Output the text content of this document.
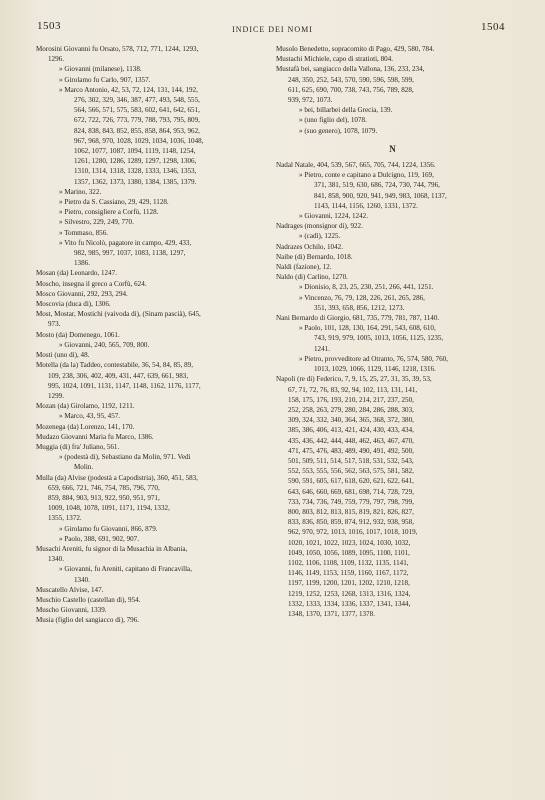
1503	INDICE DEI NOMI	1504
Morosini Giovanni fu Orsato, 578, 712, 771, 1244, 1293,
1296.
» Giovanni (milanese), 1138.
» Girolamo fu Carlo, 907, 1357.
» Marco Antonio, 42, 53, 72, 124, 131, 144, 192,
276, 302, 329, 346, 387, 477, 493, 548, 555,
564, 566, 571, 575, 583, 602, 641, 642, 651,
672, 722, 726, 773, 779, 788, 793, 795, 809,
824, 838, 843, 852, 855, 858, 864, 953, 962,
967, 968, 970, 1028, 1029, 1034, 1036, 1048,
1062, 1077, 1087, 1094, 1119, 1148, 1254,
1261, 1280, 1286, 1289, 1297, 1298, 1306,
1310, 1314, 1318, 1328, 1333, 1346, 1353,
1357, 1362, 1373, 1380, 1384, 1385, 1379.
» Marino, 322.
» Pietro da S. Cassiano, 29, 429, 1128.
» Pietro, consigliere a Corfù, 1128.
» Silvestro, 229, 249, 770.
» Tommaso, 856.
» Vito fu Nicolò, pagatore in campo, 429, 433,
982, 985, 997, 1037, 1083, 1138, 1297,
1386.
Mosan (da) Leonardo, 1247.
Moscho, insegna il greco a Corfù, 624.
Mosco Giovanni, 292, 293, 294.
Moscovia (duca di), 1306.
Most, Mostar, Mostichi (vaivoda di), (Sinam pascià), 645,
973.
Mosto (da) Domenego, 1061.
» Giovanni, 240, 565, 709, 800.
Mosti (uno di), 48.
Motella (da la) Taddeo, contestabile, 36, 54, 84, 85, 89,
109, 238, 306, 402, 409, 431, 447, 639, 661, 983,
995, 1024, 1091, 1131, 1147, 1148, 1162, 1176, 1177,
1299.
Mozan (da) Girolamo, 1192, 1211.
» Marco, 43, 95, 457.
Mozenega (da) Lorenzo, 141, 170.
Mudazo Giovanni Maria fu Marco, 1386.
Muggia (di) fra' Juliano, 561.
» (podestà di), Sebastiano da Molin, 971. Vedi
Molin.
Mulla (da) Alvise (podestà a Capodistria), 360, 451, 583,
659, 666, 721, 746, 754, 785, 796, 770,
859, 884, 903, 913, 922, 950, 951, 971,
1009, 1048, 1078, 1091, 1171, 1194, 1332,
1355, 1372.
» Girolamo fu Giovanni, 866, 879.
» Paolo, 388, 691, 902, 907.
Musachi Areniti, fu signor di la Musachia in Albania,
1340.
» Giovanni, fu Areniti, capitano di Francavilla,
1340.
Muscatello Alvise, 147.
Muschio Castello (castellan di), 954.
Muscho Giovanni, 1339.
Musia (figlio del sangiacco di), 796.
Musolo Benedetto, sopracomito di Pago, 429, 580, 784.
Mustachi Michiele, capo di stratioti, 804.
Mustafà bei, sangiacco della Vallona, 136, 233, 234,
248, 350, 252, 543, 570, 590, 596, 598, 599,
611, 625, 690, 700, 738, 743, 756, 789, 828,
939, 972, 1073.
» bei, billarbei della Grecia, 139.
» (uno figlio del), 1078.
» (suo genero), 1078, 1079.
N
Nadal Natale, 404, 539, 567, 665, 705, 744, 1224, 1356.
» Pietro, conte e capitano a Dulcigno, 119, 169,
371, 381, 519, 630, 686, 724, 730, 744, 796,
841, 858, 900, 920, 941, 949, 983, 1068, 1137,
1143, 1144, 1156, 1260, 1331, 1372.
» Giovanni, 1224, 1242.
Nadrages (monsignor di), 922.
» (cadì), 1225.
Nadrazes Ochilo, 1042.
Naibe (di) Bernardo, 1018.
Naldi (fazione), 12.
Naldo (di) Carlino, 1270.
» Dionisio, 8, 23, 25, 230, 251, 266, 441, 1251.
» Vincenzo, 76, 79, 128, 226, 261, 265, 286,
351, 393, 658, 856, 1212, 1273.
Nani Bernardo di Giorgio, 681, 735, 779, 781, 787, 1140.
» Paolo, 101, 128, 130, 164, 291, 543, 608, 610,
743, 919, 979, 1005, 1013, 1056, 1125, 1235,
1241.
» Pietro, provveditore ad Otranto, 76, 574, 580, 760,
1013, 1029, 1066, 1129, 1146, 1218, 1316.
Napoli (re di) Federico, 7, 9, 15, 25, 27, 31, 35, 39, 53,
67, 71, 72, 76, 83, 92, 94, 102, 113, 131, 141,
158, 175, 176, 193, 210, 214, 217, 237, 250,
252, 258, 263, 279, 280, 284, 286, 288, 303,
309, 324, 332, 340, 364, 365, 368, 372, 380,
385, 386, 406, 413, 421, 424, 430, 433, 434,
435, 436, 442, 444, 448, 462, 463, 467, 470,
471, 475, 476, 483, 489, 490, 491, 492, 500,
501, 509, 511, 514, 517, 518, 531, 532, 543,
552, 553, 555, 556, 562, 563, 575, 581, 582,
590, 591, 605, 617, 618, 620, 621, 622, 641,
643, 646, 660, 669, 681, 698, 714, 728, 729,
733, 734, 736, 749, 759, 779, 797, 798, 799,
800, 803, 812, 813, 815, 819, 821, 826, 827,
833, 836, 850, 859, 874, 912, 932, 938, 958,
962, 970, 972, 1013, 1016, 1017, 1018, 1019,
1020, 1021, 1022, 1023, 1024, 1030, 1032,
1049, 1050, 1056, 1089, 1095, 1100, 1101,
1102, 1106, 1108, 1109, 1132, 1135, 1141,
1146, 1149, 1153, 1159, 1160, 1167, 1172,
1197, 1199, 1200, 1201, 1202, 1210, 1218,
1219, 1252, 1253, 1268, 1313, 1316, 1324,
1332, 1333, 1334, 1336, 1337, 1341, 1344,
1348, 1370, 1371, 1377, 1378.
